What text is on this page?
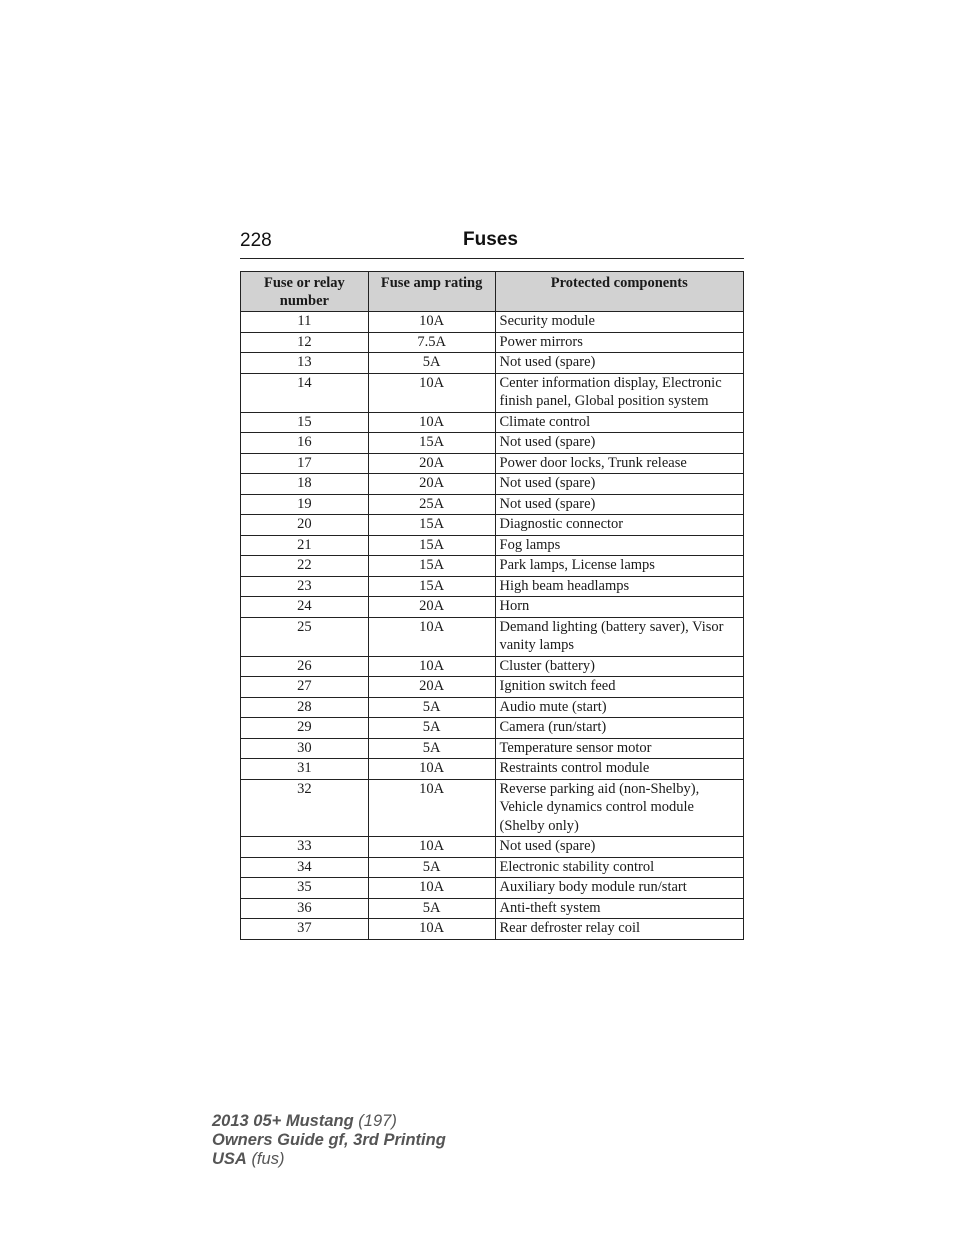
228	Fuses
Fuse or relay number	Fuse amp rating	Protected components
11	10A	Security module
12	7.5A	Power mirrors
13	5A	Not used (spare)
14	10A	Center information display, Electronic finish panel, Global position system
15	10A	Climate control
16	15A	Not used (spare)
17	20A	Power door locks, Trunk release
18	20A	Not used (spare)
19	25A	Not used (spare)
20	15A	Diagnostic connector
21	15A	Fog lamps
22	15A	Park lamps, License lamps
23	15A	High beam headlamps
24	20A	Horn
25	10A	Demand lighting (battery saver), Visor vanity lamps
26	10A	Cluster (battery)
27	20A	Ignition switch feed
28	5A	Audio mute (start)
29	5A	Camera (run/start)
30	5A	Temperature sensor motor
31	10A	Restraints control module
32	10A	Reverse parking aid (non-Shelby), Vehicle dynamics control module (Shelby only)
33	10A	Not used (spare)
34	5A	Electronic stability control
35	10A	Auxiliary body module run/start
36	5A	Anti-theft system
37	10A	Rear defroster relay coil
2013 05+ Mustang (197)
Owners Guide gf, 3rd Printing
USA (fus)
